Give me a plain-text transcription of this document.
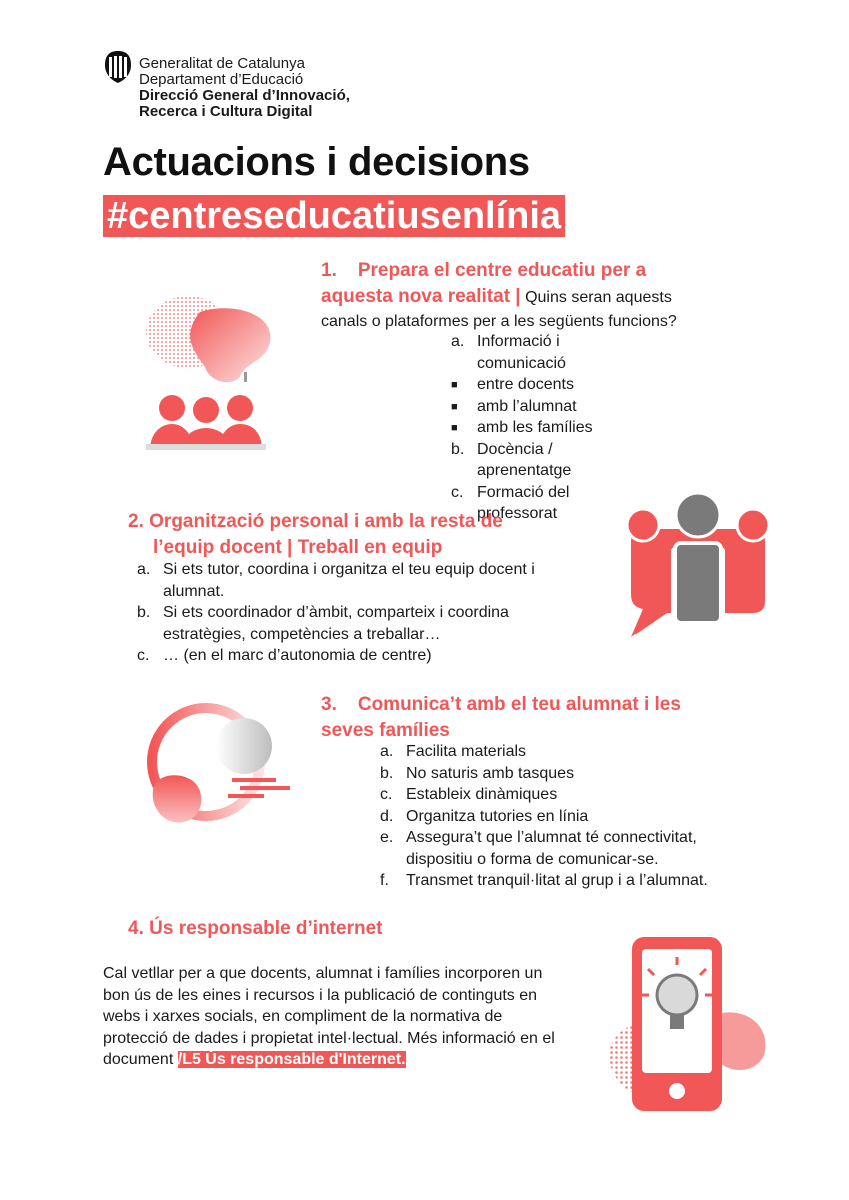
Generalitat de Catalunya
Departament d’Educació
Direcció General d’Innovació,
Recerca i Cultura Digital
Actuacions i decisions
#centreseducatiusenlínia
1. Prepara el centre educatiu per a
aquesta nova realitat | Quins seran aquests
canals o plataformes per a les següents funcions?
a. Informació i comunicació
■ entre docents
■ amb l’alumnat
■ amb les famílies
b. Docència / aprenentatge
c. Formació del professorat
2. Organització personal i amb la resta de
l’equip docent | Treball en equip
a. Si ets tutor, coordina i organitza el teu equip docent i alumnat.
b. Si ets coordinador d’àmbit, comparteix i coordina estratègies, competències a treballar…
c. … (en el marc d’autonomia de centre)
3. Comunica’t amb el teu alumnat i les
seves famílies
a. Facilita materials
b. No saturis amb tasques
c. Estableix dinàmiques
d. Organitza tutories en línia
e. Assegura’t que l’alumnat té connectivitat, dispositiu o forma de comunicar-se.
f. Transmet tranquil·litat al grup i a l’alumnat.
4. Ús responsable d’internet
Cal vetllar per a que docents, alumnat i famílies incorporen un bon ús de les eines i recursos i la publicació de continguts en webs i xarxes socials, en compliment de la normativa de protecció de dades i propietat intel·lectual. Més informació en el document /L5 Ús responsable d'Internet.
